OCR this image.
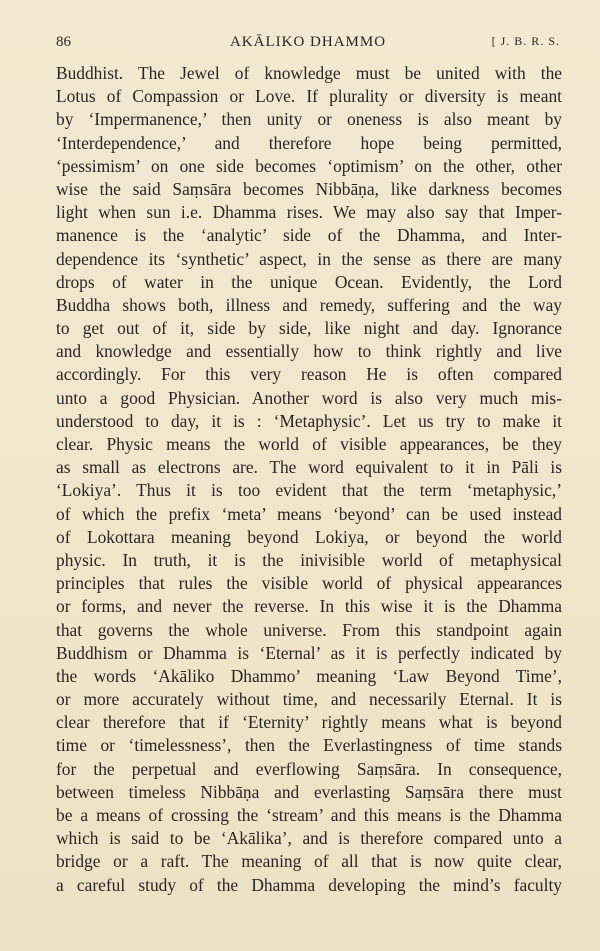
86	AKĀLIKO DHAMMO	[ J. B. R. S.
Buddhist. The Jewel of knowledge must be united with the
Lotus of Compassion or Love. If plurality or diversity is meant
by ‘Impermanence,’ then unity or oneness is also meant by
‘Interdependence,’ and therefore hope being permitted,
‘pessimism’ on one side becomes ‘optimism’ on the other, other
wise the said Saṃsāra becomes Nibbāṇa, like darkness becomes
light when sun i.e. Dhamma rises. We may also say that Imper-
manence is the ‘analytic’ side of the Dhamma, and Inter-
dependence its ‘synthetic’ aspect, in the sense as there are many
drops of water in the unique Ocean. Evidently, the Lord
Buddha shows both, illness and remedy, suffering and the way
to get out of it, side by side, like night and day. Ignorance
and knowledge and essentially how to think rightly and live
accordingly. For this very reason He is often compared
unto a good Physician. Another word is also very much mis-
understood to day, it is : ‘Metaphysic’. Let us try to make it
clear. Physic means the world of visible appearances, be they
as small as electrons are. The word equivalent to it in Pāli is
‘Lokiya’. Thus it is too evident that the term ‘metaphysic,’
of which the prefix ‘meta’ means ‘beyond’ can be used instead
of Lokottara meaning beyond Lokiya, or beyond the world
physic. In truth, it is the inivisible world of metaphysical
principles that rules the visible world of physical appearances
or forms, and never the reverse. In this wise it is the Dhamma
that governs the whole universe. From this standpoint again
Buddhism or Dhamma is ‘Eternal’ as it is perfectly indicated by
the words ‘Akāliko Dhammo’ meaning ‘Law Beyond Time’,
or more accurately without time, and necessarily Eternal. It is
clear therefore that if ‘Eternity’ rightly means what is beyond
time or ‘timelessness’, then the Everlastingness of time stands
for the perpetual and everflowing Saṃsāra. In consequence,
between timeless Nibbāṇa and everlasting Saṃsāra there must
be a means of crossing the ‘stream’ and this means is the Dhamma
which is said to be ‘Akālika’, and is therefore compared unto a
bridge or a raft. The meaning of all that is now quite clear,
a careful study of the Dhamma developing the mind’s faculty
